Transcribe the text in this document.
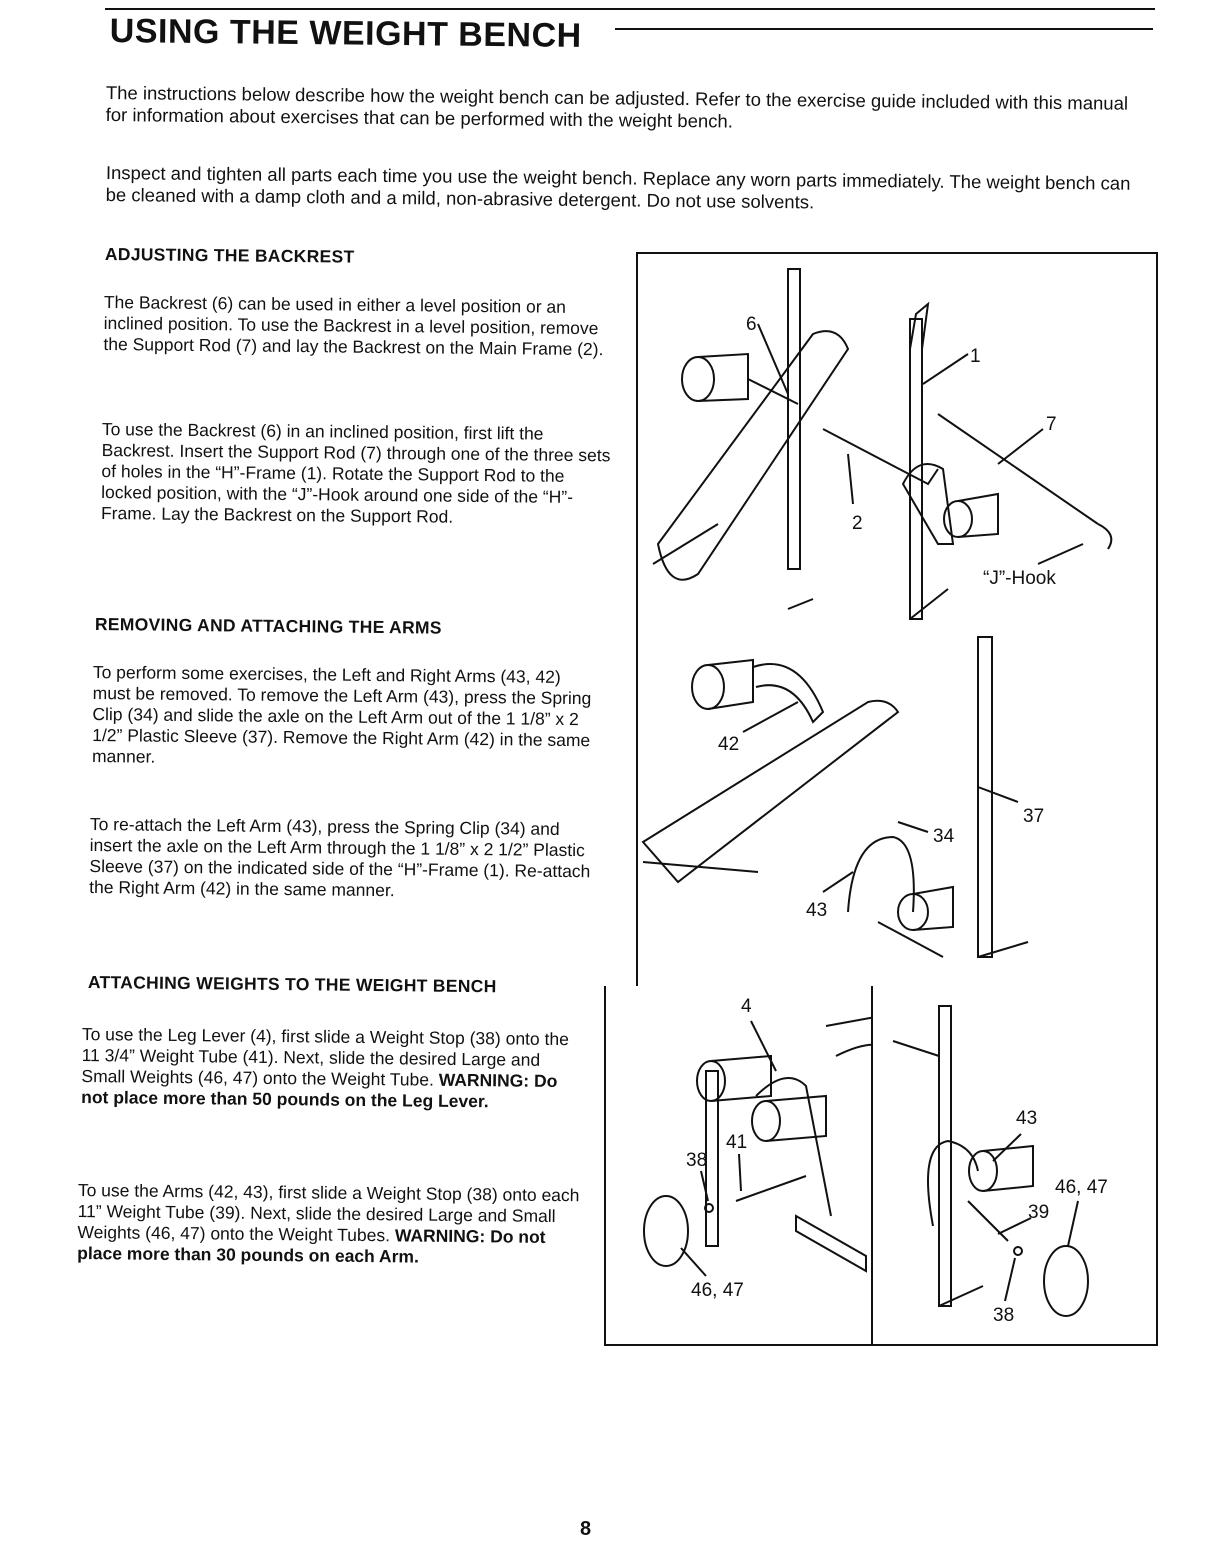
USING THE WEIGHT BENCH

The instructions below describe how the weight bench can be adjusted. Refer to the exercise guide included with this manual for information about exercises that can be performed with the weight bench.

Inspect and tighten all parts each time you use the weight bench. Replace any worn parts immediately. The weight bench can be cleaned with a damp cloth and a mild, non-abrasive detergent. Do not use solvents.

ADJUSTING THE BACKREST

The Backrest (6) can be used in either a level position or an inclined position. To use the Backrest in a level position, remove the Support Rod (7) and lay the Backrest on the Main Frame (2).

To use the Backrest (6) in an inclined position, first lift the Backrest. Insert the Support Rod (7) through one of the three sets of holes in the “H”-Frame (1). Rotate the Support Rod to the locked position, with the “J”-Hook around one side of the “H”-Frame. Lay the Backrest on the Support Rod.

REMOVING AND ATTACHING THE ARMS

To perform some exercises, the Left and Right Arms (43, 42) must be removed. To remove the Left Arm (43), press the Spring Clip (34) and slide the axle on the Left Arm out of the 1 1/8” x 2 1/2” Plastic Sleeve (37). Remove the Right Arm (42) in the same manner.

To re-attach the Left Arm (43), press the Spring Clip (34) and insert the axle on the Left Arm through the 1 1/8” x 2 1/2” Plastic Sleeve (37) on the indicated side of the “H”-Frame (1). Re-attach the Right Arm (42) in the same manner.

ATTACHING WEIGHTS TO THE WEIGHT BENCH

To use the Leg Lever (4), first slide a Weight Stop (38) onto the 11 3/4” Weight Tube (41). Next, slide the desired Large and Small Weights (46, 47) onto the Weight Tube. WARNING: Do not place more than 50 pounds on the Leg Lever.

To use the Arms (42, 43), first slide a Weight Stop (38) onto each 11” Weight Tube (39). Next, slide the desired Large and Small Weights (46, 47) onto the Weight Tubes. WARNING: Do not place more than 30 pounds on each Arm.

6
1
7
2
“J”-Hook
42
37
34
43
4
41
38
46, 47
43
46, 47
39
38

8
